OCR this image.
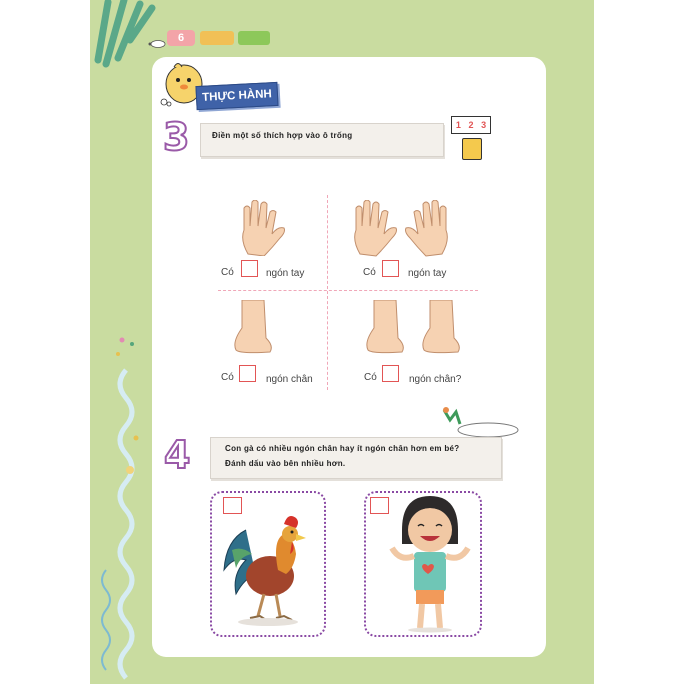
6
THỰC HÀNH
3	Điền một số thích hợp vào ô trống
1 2 3
Có	ngón tay	Có	ngón tay
Có	ngón chân	Có	ngón chân?
4	Con gà có nhiều ngón chân hay ít ngón chân hơn em bé?
Đánh dấu vào bên nhiều hơn.
